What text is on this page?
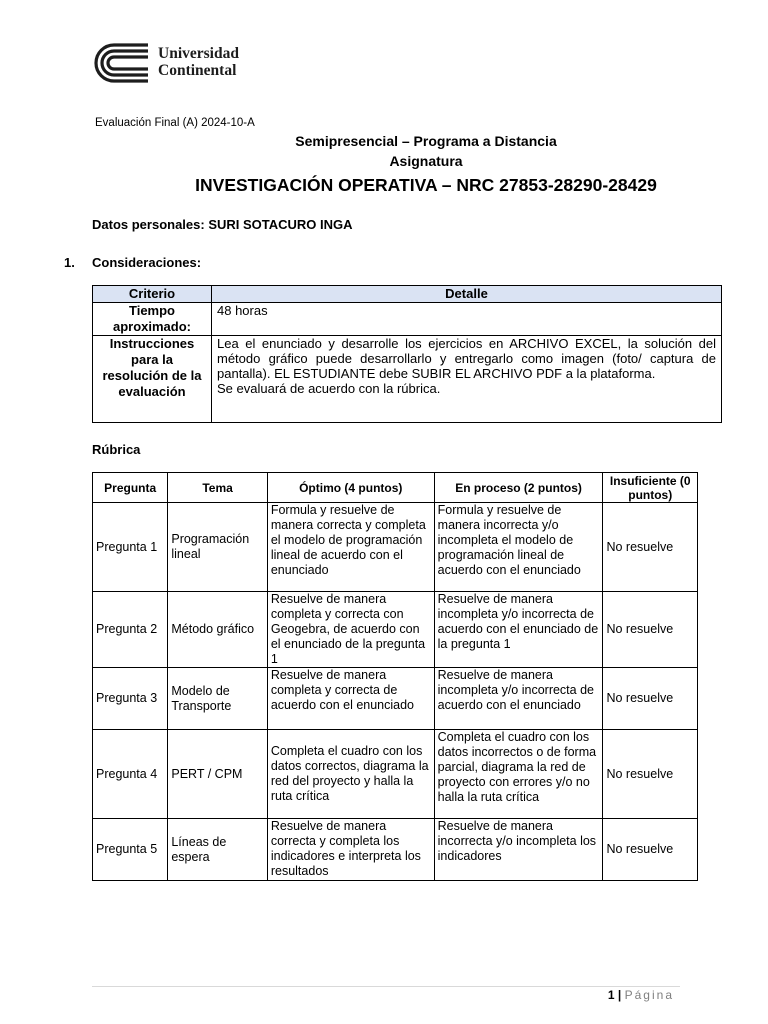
Universidad
Continental
Evaluación Final (A) 2024-10-A
Semipresencial – Programa a Distancia
Asignatura
INVESTIGACIÓN OPERATIVA – NRC 27853-28290-28429
Datos personales: SURI SOTACURO INGA
1. Consideraciones:
Criterio	Detalle
Tiempo aproximado:	48 horas
Instrucciones para la resolución de la evaluación	Lea el enunciado y desarrolle los ejercicios en ARCHIVO EXCEL, la solución del método gráfico puede desarrollarlo y entregarlo como imagen (foto/ captura de pantalla). EL ESTUDIANTE debe SUBIR EL ARCHIVO PDF a la plataforma.
Se evaluará de acuerdo con la rúbrica.
Rúbrica
Pregunta	Tema	Óptimo (4 puntos)	En proceso (2 puntos)	Insuficiente (0 puntos)
Pregunta 1	Programación lineal	Formula y resuelve de manera correcta y completa el modelo de programación lineal de acuerdo con el enunciado	Formula y resuelve de manera incorrecta y/o incompleta el modelo de programación lineal de acuerdo con el enunciado	No resuelve
Pregunta 2	Método gráfico	Resuelve de manera completa y correcta con Geogebra, de acuerdo con el enunciado de la pregunta 1	Resuelve de manera incompleta y/o incorrecta de acuerdo con el enunciado de la pregunta 1	No resuelve
Pregunta 3	Modelo de Transporte	Resuelve de manera completa y correcta de acuerdo con el enunciado	Resuelve de manera incompleta y/o incorrecta de acuerdo con el enunciado	No resuelve
Pregunta 4	PERT / CPM	Completa el cuadro con los datos correctos, diagrama la red del proyecto y halla la ruta crítica	Completa el cuadro con los datos incorrectos o de forma parcial, diagrama la red de proyecto con errores y/o no halla la ruta crítica	No resuelve
Pregunta 5	Líneas de espera	Resuelve de manera correcta y completa los indicadores e interpreta los resultados	Resuelve de manera incorrecta y/o incompleta los indicadores	No resuelve
1 | Página
